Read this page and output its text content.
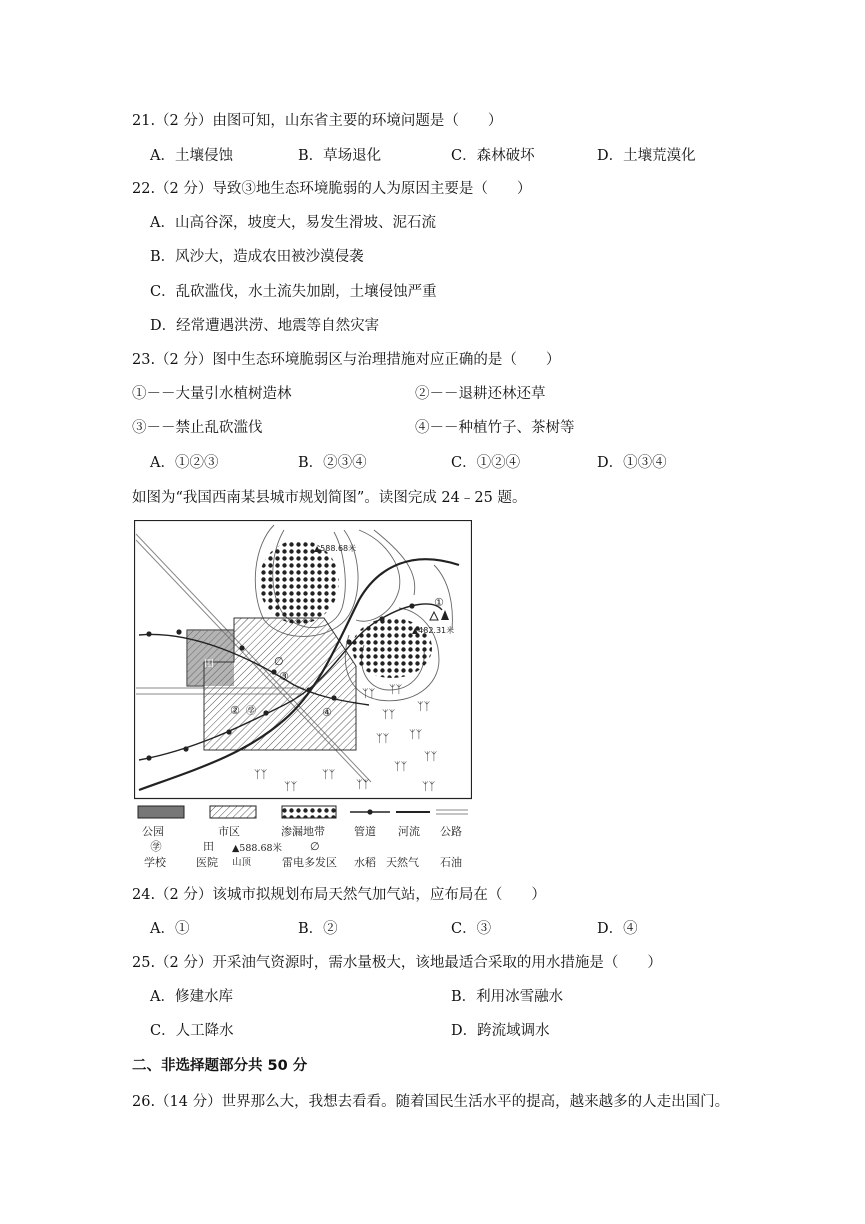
21.（2 分）由图可知，山东省主要的环境问题是（　　）
A．土壤侵蚀	B．草场退化	C．森林破坏	D．土壤荒漠化
22.（2 分）导致③地生态环境脆弱的人为原因主要是（　　）
A．山高谷深，坡度大，易发生滑坡、泥石流
B．风沙大，造成农田被沙漠侵袭
C．乱砍滥伐，水土流失加剧，土壤侵蚀严重
D．经常遭遇洪涝、地震等自然灾害
23.（2 分）图中生态环境脆弱区与治理措施对应正确的是（　　）
①－－大量引水植树造林	②－－退耕还林还草
③－－禁止乱砍滥伐	④－－种植竹子、茶树等
A．①②③	B．②③④	C．①②④	D．①③④
如图为“我国西南某县城市规划简图”。读图完成 24﹣25 题。
ᛉᛉ ᛉᛉ
ᛉᛉ
ᛉᛉ
ᛉᛉ ᛉᛉ
ᛉᛉ
ᛉᛉ
ᛉᛉ
ᛉᛉ
ᛉᛉ
ᛉᛉ	ᛉᛉ
▲588.68米
▲482.31米
田
㊫
∅
①
②
③
④
公园	市区	渗漏地带	管道 河流 公路
㊫	田	∅
学校	医院
▲588.68米 山顶	雷电多发区 水稻 天然气 石油
24.（2 分）该城市拟规划布局天然气加气站，应布局在（　　）
A．①	B．②	C．③	D．④
25.（2 分）开采油气资源时，需水量极大，该地最适合采取的用水措施是（　　）
A．修建水库	B．利用冰雪融水
C．人工降水	D．跨流域调水
二、非选择题部分共 50 分
26.（14 分）世界那么大，我想去看看。随着国民生活水平的提高，越来越多的人走出国门。
